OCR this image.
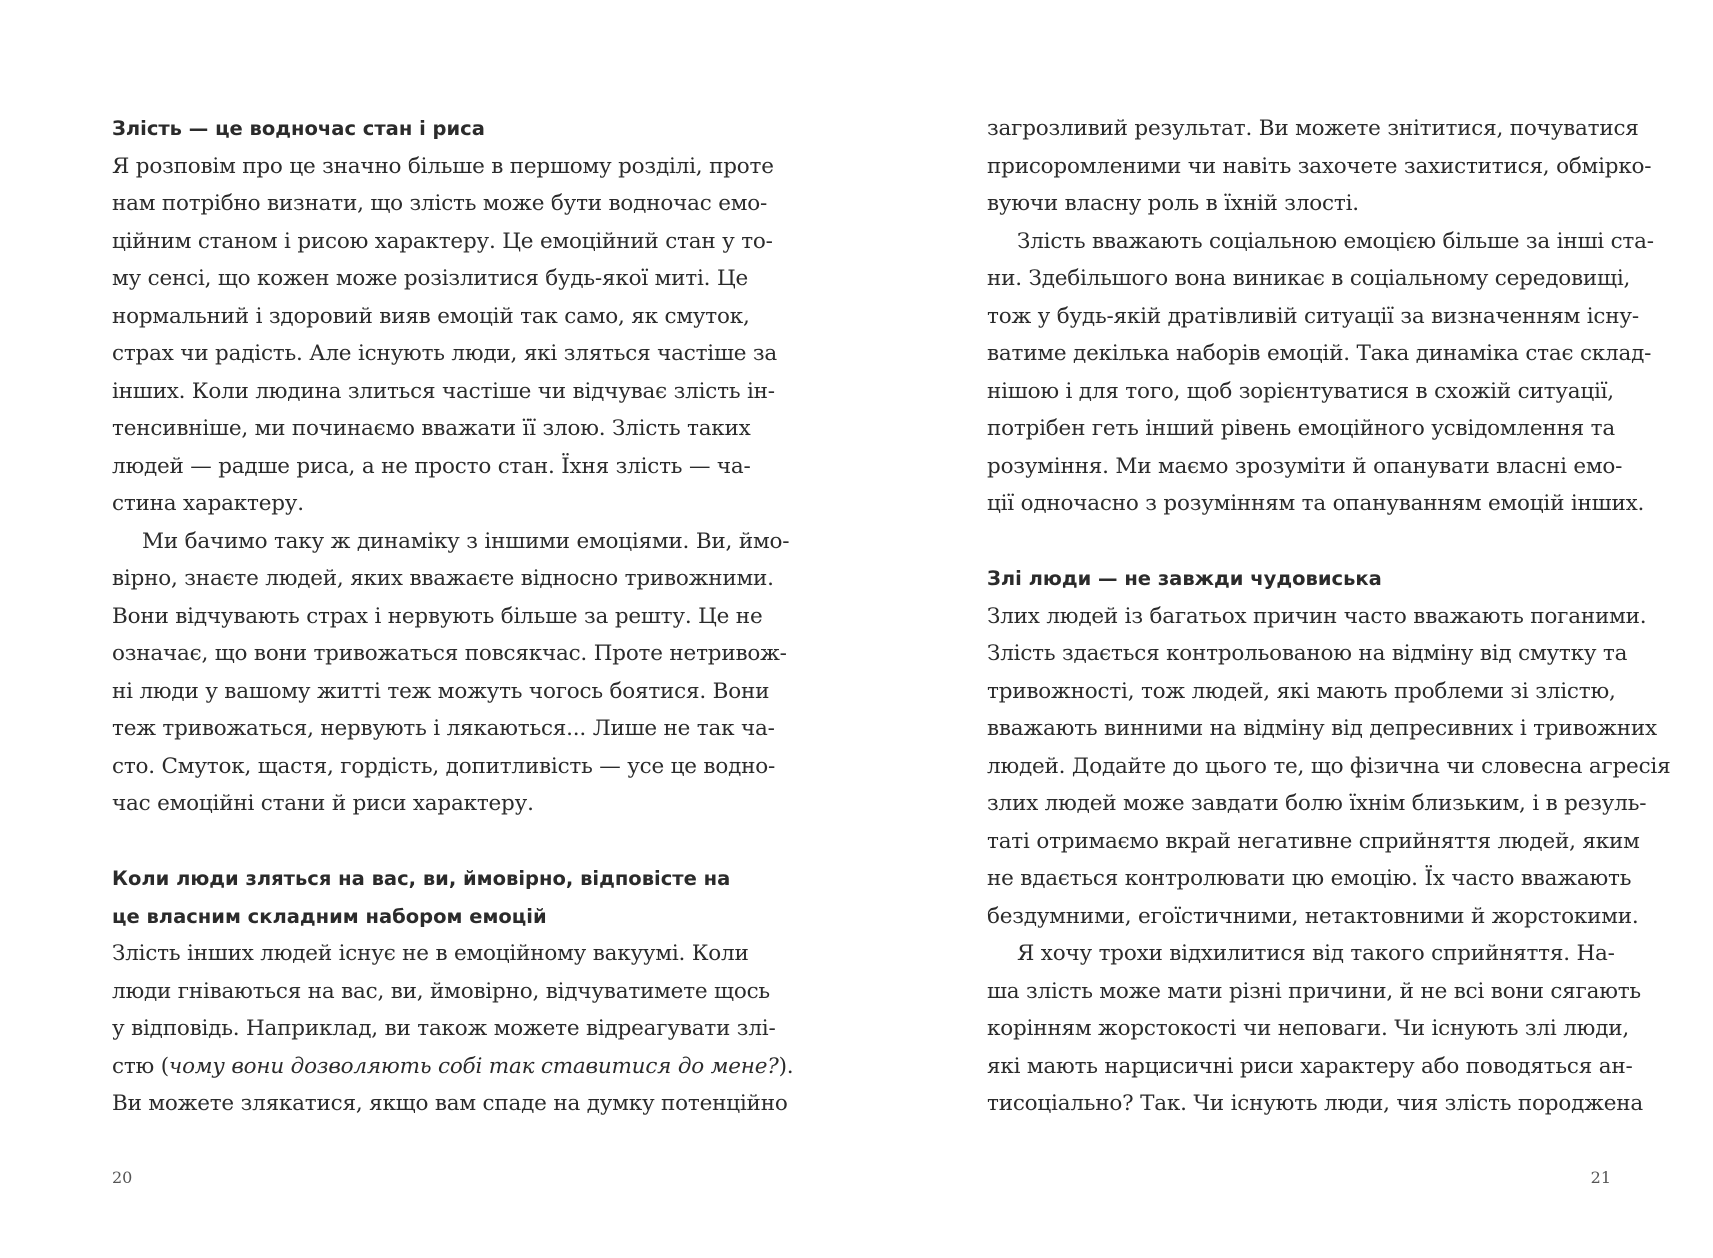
Злість — це водночас стан і риса
Я розповім про це значно більше в першому розділі, проте
нам потрібно визнати, що злість може бути водночас емо-
ційним станом і рисою характеру. Це емоційний стан у то-
му сенсі, що кожен може розізлитися будь-якої миті. Це
нормальний і здоровий вияв емоцій так само, як смуток,
страх чи радість. Але існують люди, які зляться частіше за
інших. Коли людина злиться частіше чи відчуває злість ін-
тенсивніше, ми починаємо вважати її злою. Злість таких
людей — радше риса, а не просто стан. Їхня злість — ча-
стина характеру.
Ми бачимо таку ж динаміку з іншими емоціями. Ви, ймо-
вірно, знаєте людей, яких вважаєте відносно тривожними.
Вони відчувають страх і нервують більше за решту. Це не
означає, що вони тривожаться повсякчас. Проте нетривож-
ні люди у вашому житті теж можуть чогось боятися. Вони
теж тривожаться, нервують і лякаються... Лише не так ча-
сто. Смуток, щастя, гордість, допитливість — усе це водно-
час емоційні стани й риси характеру.
Коли люди зляться на вас, ви, ймовірно, відповісте на
це власним складним набором емоцій
Злість інших людей існує не в емоційному вакуумі. Коли
люди гніваються на вас, ви, ймовірно, відчуватимете щось
у відповідь. Наприклад, ви також можете відреагувати злі-
стю (чому вони дозволяють собі так ставитися до мене?).
Ви можете злякатися, якщо вам спаде на думку потенційно
20
загрозливий результат. Ви можете знітитися, почуватися
присоромленими чи навіть захочете захиститися, обмірко-
вуючи власну роль в їхній злості.
Злість вважають соціальною емоцією більше за інші ста-
ни. Здебільшого вона виникає в соціальному середовищі,
тож у будь-якій дратівливій ситуації за визначенням існу-
ватиме декілька наборів емоцій. Така динаміка стає склад-
нішою і для того, щоб зорієнтуватися в схожій ситуації,
потрібен геть інший рівень емоційного усвідомлення та
розуміння. Ми маємо зрозуміти й опанувати власні емо-
ції одночасно з розумінням та опануванням емоцій інших.
Злі люди — не завжди чудовиська
Злих людей із багатьох причин часто вважають поганими.
Злість здається контрольованою на відміну від смутку та
тривожності, тож людей, які мають проблеми зі злістю,
вважають винними на відміну від депресивних і тривожних
людей. Додайте до цього те, що фізична чи словесна агресія
злих людей може завдати болю їхнім близьким, і в резуль-
таті отримаємо вкрай негативне сприйняття людей, яким
не вдається контролювати цю емоцію. Їх часто вважають
бездумними, егоїстичними, нетактовними й жорстокими.
Я хочу трохи відхилитися від такого сприйняття. На-
ша злість може мати різні причини, й не всі вони сягають
корінням жорстокості чи неповаги. Чи існують злі люди,
які мають нарцисичні риси характеру або поводяться ан-
тисоціально? Так. Чи існують люди, чия злість породжена
21
